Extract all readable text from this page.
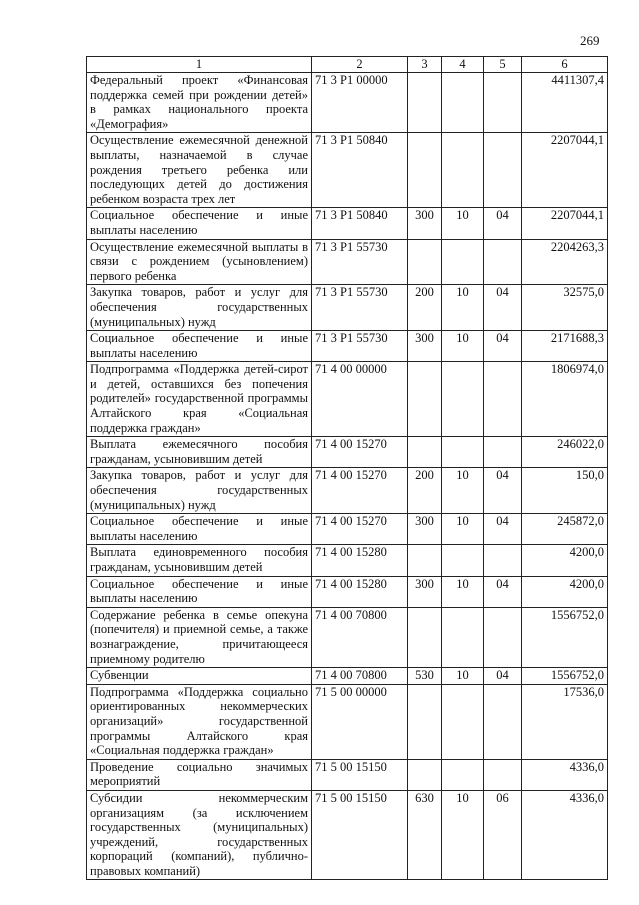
269
1	2	3	4	5	6
Федеральный проект «Финансовая поддержка семей при рождении детей» в рамках национального проекта «Демография»	71 3 P1 00000				4411307,4
Осуществление ежемесячной денежной выплаты, назначаемой в случае рождения третьего ребенка или последующих детей до достижения ребенком возраста трех лет	71 3 P1 50840				2207044,1
Социальное обеспечение и иные выплаты населению	71 3 P1 50840	300	10	04	2207044,1
Осуществление ежемесячной выплаты в связи с рождением (усыновлением) первого ребенка	71 3 P1 55730				2204263,3
Закупка товаров, работ и услуг для обеспечения государственных (муниципальных) нужд	71 3 P1 55730	200	10	04	32575,0
Социальное обеспечение и иные выплаты населению	71 3 P1 55730	300	10	04	2171688,3
Подпрограмма «Поддержка детей-сирот и детей, оставшихся без попечения родителей» государственной программы Алтайского края «Социальная поддержка граждан»	71 4 00 00000				1806974,0
Выплата ежемесячного пособия гражданам, усыновившим детей	71 4 00 15270				246022,0
Закупка товаров, работ и услуг для обеспечения государственных (муниципальных) нужд	71 4 00 15270	200	10	04	150,0
Социальное обеспечение и иные выплаты населению	71 4 00 15270	300	10	04	245872,0
Выплата единовременного пособия гражданам, усыновившим детей	71 4 00 15280				4200,0
Социальное обеспечение и иные выплаты населению	71 4 00 15280	300	10	04	4200,0
Содержание ребенка в семье опекуна (попечителя) и приемной семье, а также вознаграждение, причитающееся приемному родителю	71 4 00 70800				1556752,0
Субвенции	71 4 00 70800	530	10	04	1556752,0
Подпрограмма «Поддержка социально ориентированных некоммерческих организаций» государственной программы Алтайского края «Социальная поддержка граждан»	71 5 00 00000				17536,0
Проведение социально значимых мероприятий	71 5 00 15150				4336,0
Субсидии некоммерческим организациям (за исключением государственных (муниципальных) учреждений, государственных корпораций (компаний), публично-правовых компаний)	71 5 00 15150	630	10	06	4336,0
